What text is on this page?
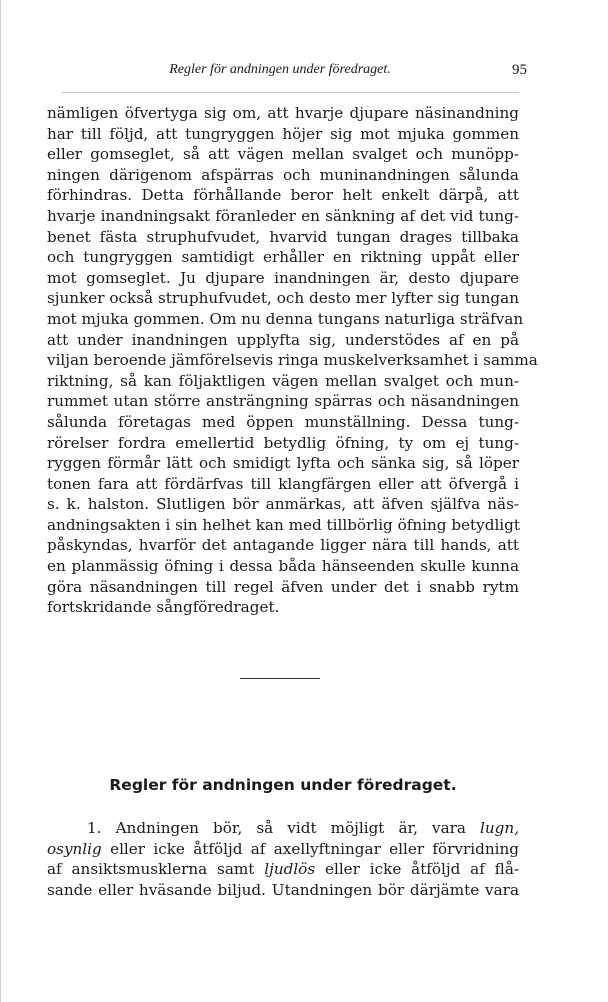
Regler för andningen under föredraget.	95
nämligen öfvertyga sig om, att hvarje djupare näsinandning
har till följd, att tungryggen höjer sig mot mjuka gommen
eller gomseglet, så att vägen mellan svalget och munöpp-
ningen därigenom afspärras och muninandningen sålunda
förhindras. Detta förhållande beror helt enkelt därpå, att
hvarje inandningsakt föranleder en sänkning af det vid tung-
benet fästa struphufvudet, hvarvid tungan drages tillbaka
och tungryggen samtidigt erhåller en riktning uppåt eller
mot gomseglet. Ju djupare inandningen är, desto djupare
sjunker också struphufvudet, och desto mer lyfter sig tungan
mot mjuka gommen. Om nu denna tungans naturliga sträfvan
att under inandningen upplyfta sig, understödes af en på
viljan beroende jämförelsevis ringa muskelverksamhet i samma
riktning, så kan följaktligen vägen mellan svalget och mun-
rummet utan större ansträngning spärras och näsandningen
sålunda företagas med öppen munställning. Dessa tung-
rörelser fordra emellertid betydlig öfning, ty om ej tung-
ryggen förmår lätt och smidigt lyfta och sänka sig, så löper
tonen fara att fördärfvas till klangfärgen eller att öfvergå i
s. k. halston. Slutligen bör anmärkas, att äfven själfva näs-
andningsakten i sin helhet kan med tillbörlig öfning betydligt
påskyndas, hvarför det antagande ligger nära till hands, att
en planmässig öfning i dessa båda hänseenden skulle kunna
göra näsandningen till regel äfven under det i snabb rytm
fortskridande sångföredraget.
Regler för andningen under föredraget.
1. Andningen bör, så vidt möjligt är, vara lugn,
osynlig eller icke åtföljd af axellyftningar eller förvridning
af ansiktsmusklerna samt ljudlös eller icke åtföljd af flå-
sande eller hväsande biljud. Utandningen bör därjämte vara
